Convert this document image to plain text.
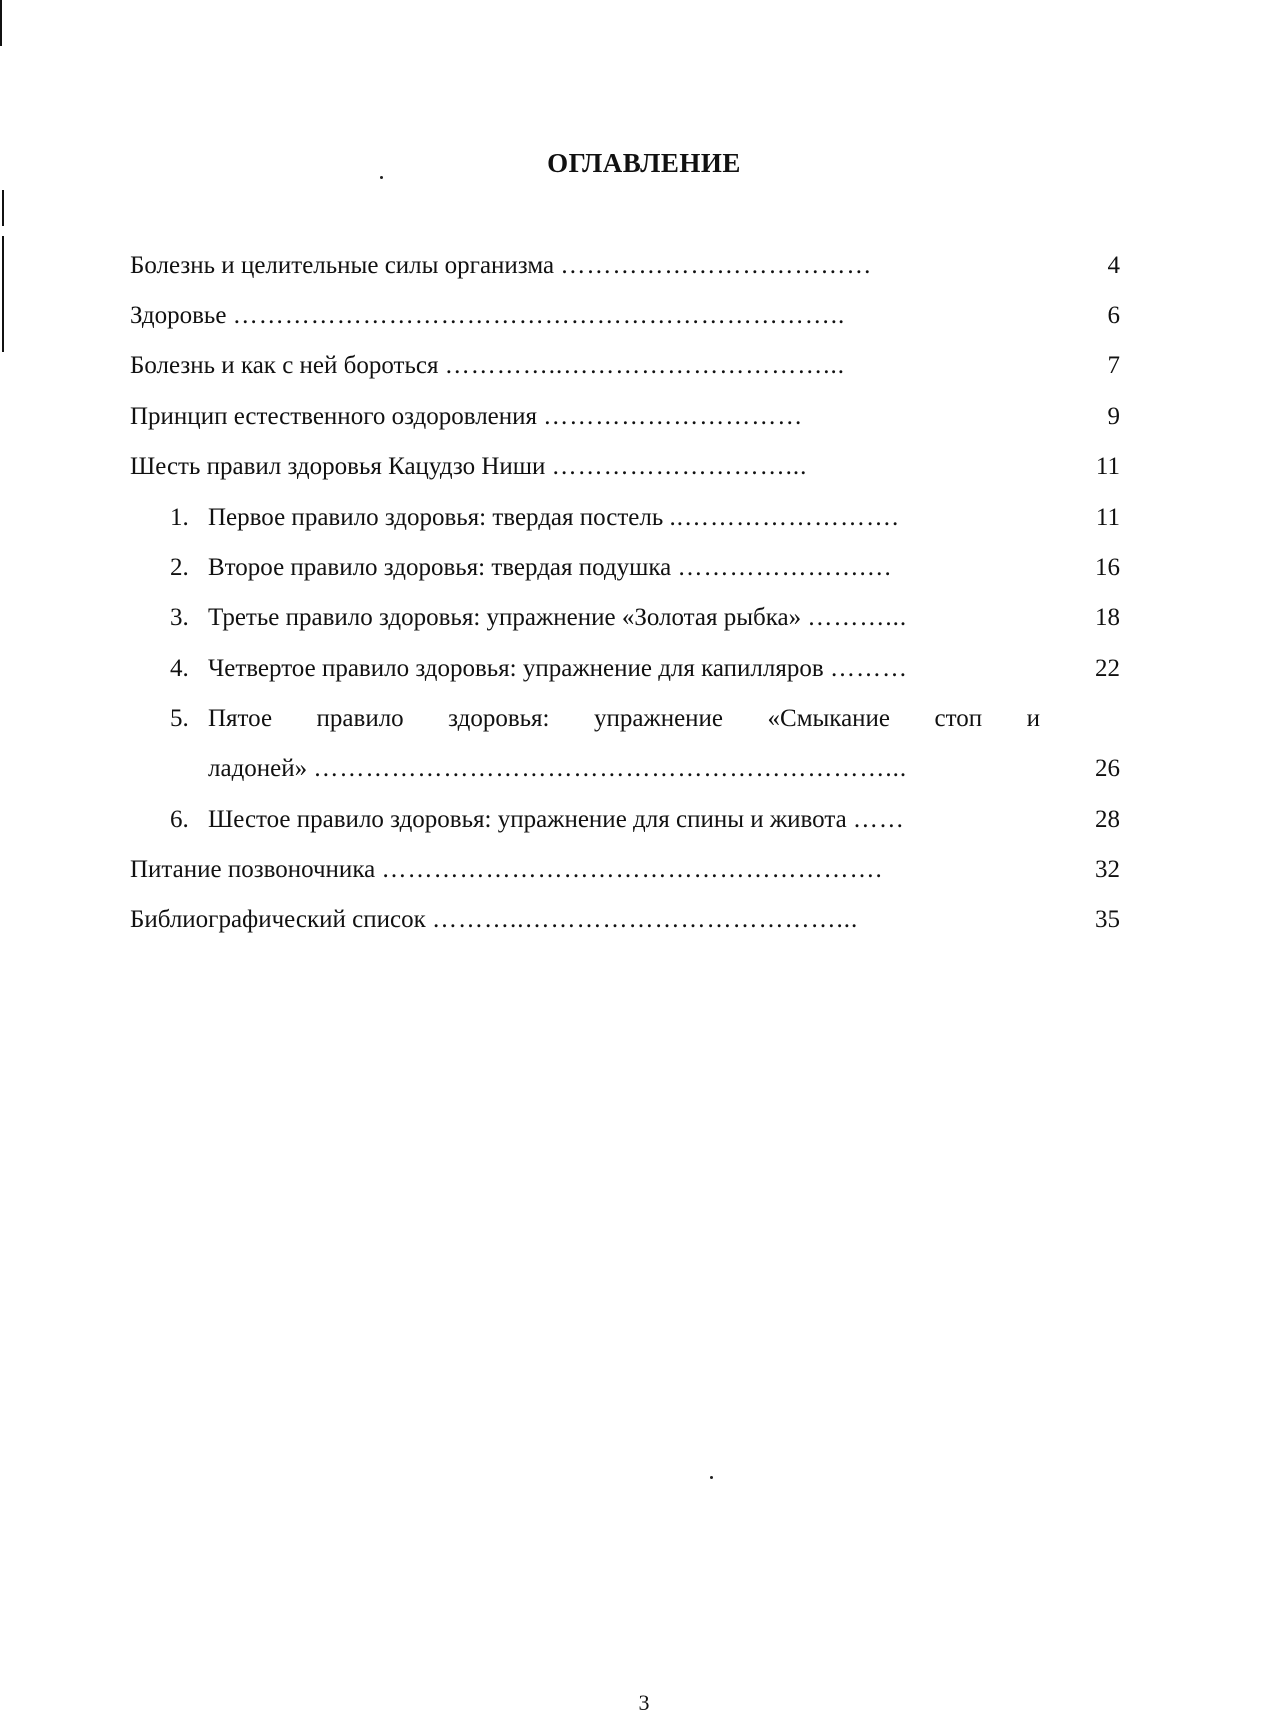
ОГЛАВЛЕНИЕ
Болезнь и целительные силы организма ………………………………	4
Здоровье ……………………………………………………………..	6
Болезнь и как с ней бороться …………..…………………………...	7
Принцип естественного оздоровления …………………………	9
Шесть правил здоровья Кацудзо Ниши ………………………...	11
1. Первое правило здоровья: твердая постель ..…………………….	11
2. Второе правило здоровья: твердая подушка ………………….…	16
3. Третье правило здоровья: упражнение «Золотая рыбка» ………...	18
4. Четвертое правило здоровья: упражнение для капилляров ………	22
5. Пятое правило здоровья: упражнение «Смыкание стоп и
ладоней» …………………………………………………………...	26
6. Шестое правило здоровья: упражнение для спины и живота ……	28
Питание позвоночника ………………………………………………….	32
Библиографический список ………..………………………………...	35
3
